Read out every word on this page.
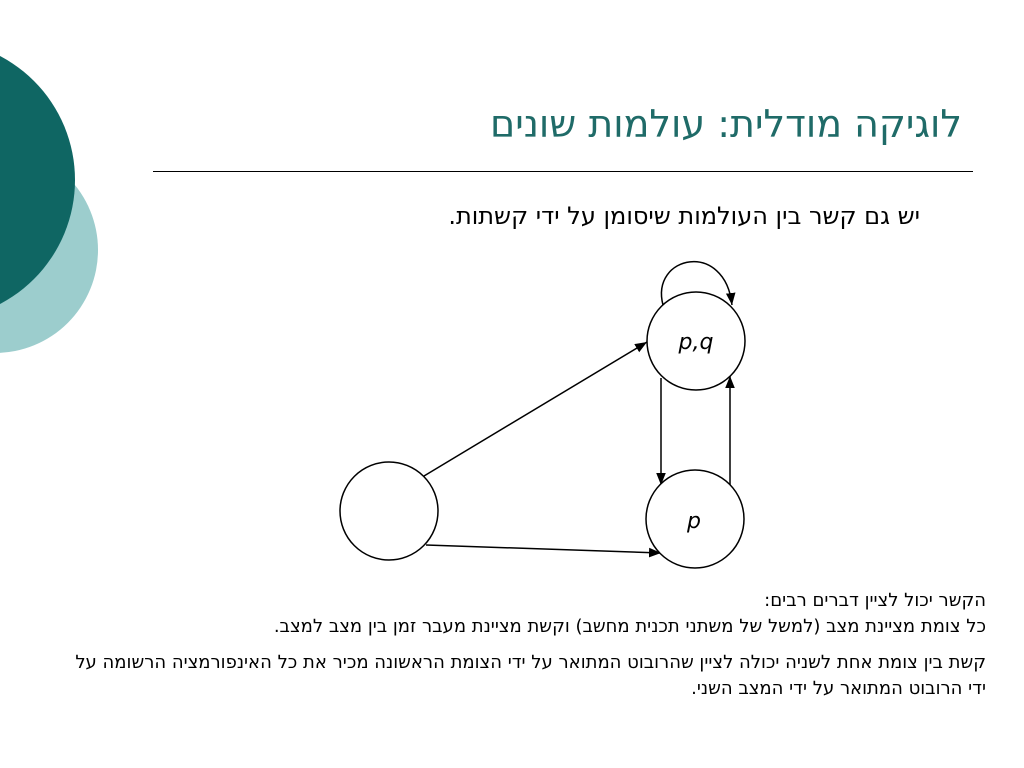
לוגיקה מודלית: עולמות שונים
יש גם קשר בין העולמות שיסומן על ידי קשתות.
p,q
p

הקשר יכול לציין דברים רבים:

כל צומת מציינת מצב (למשל של משתני תכנית מחשב) וקשת מציינת מעבר זמן בין מצב למצב.

קשת בין צומת אחת לשניה יכולה לציין שהרובוט המתואר על ידי הצומת הראשונה מכיר את כל האינפורמציה הרשומה על ידי הרובוט המתואר על ידי המצב השני.
